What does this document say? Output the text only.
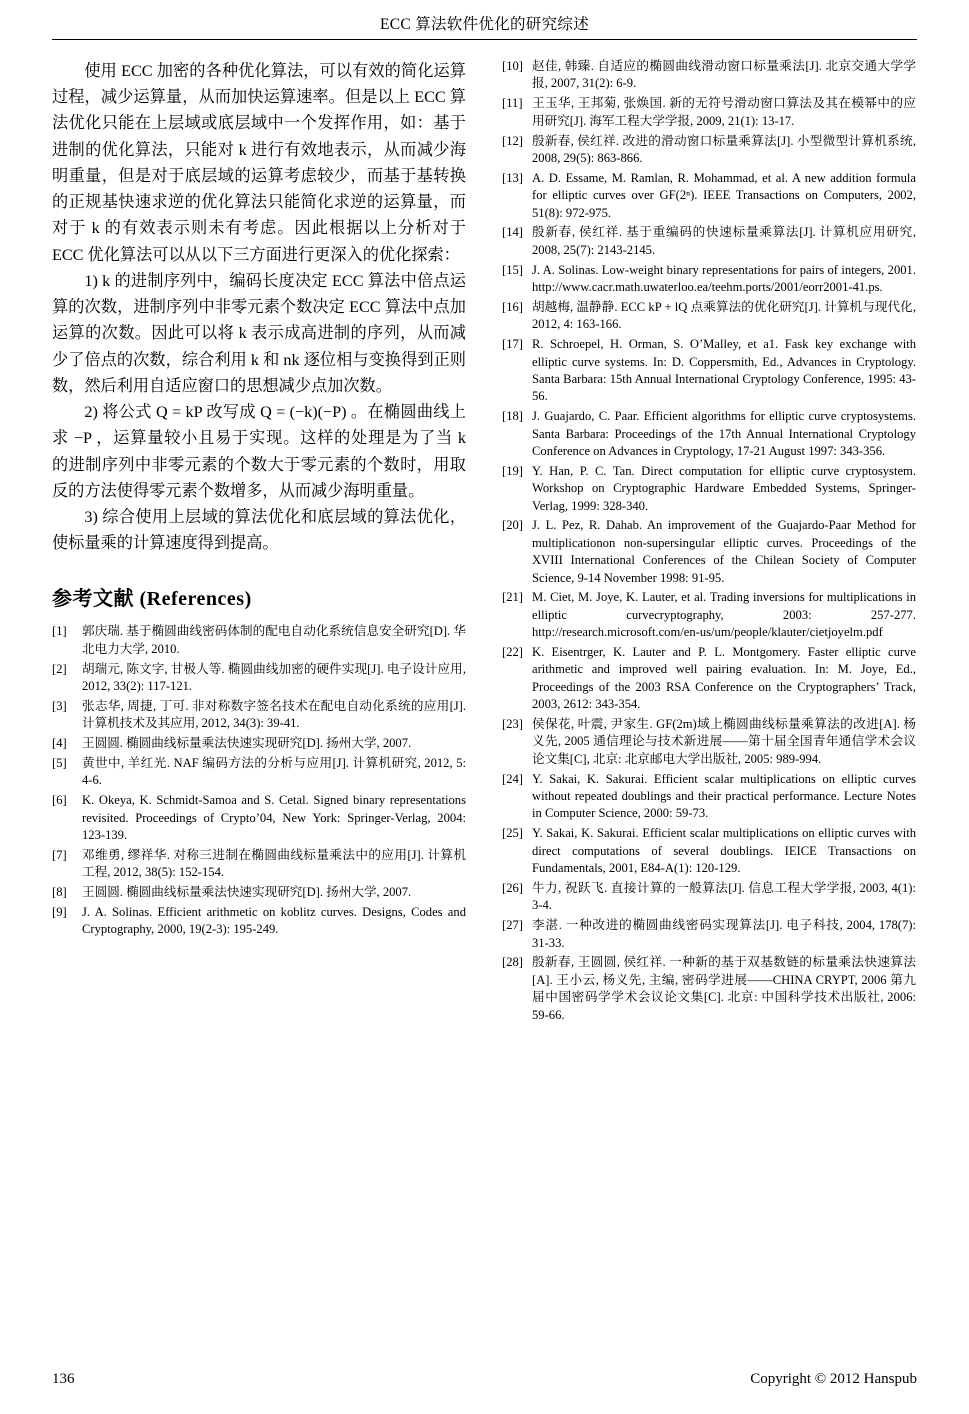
ECC 算法软件优化的研究综述

使用 ECC 加密的各种优化算法，可以有效的简化运算过程，减少运算量，从而加快运算速率。但是以上 ECC 算法优化只能在上层域或底层域中一个发挥作用，如：基于进制的优化算法，只能对 k 进行有效地表示，从而减少海明重量，但是对于底层域的运算考虑较少，而基于基转换的正规基快速求逆的优化算法只能简化求逆的运算量，而对于 k 的有效表示则未有考虑。因此根据以上分析对于 ECC 优化算法可以从以下三方面进行更深入的优化探索：

1) k 的进制序列中，编码长度决定 ECC 算法中倍点运算的次数，进制序列中非零元素个数决定 ECC 算法中点加运算的次数。因此可以将 k 表示成高进制的序列，从而减少了倍点的次数，综合利用 k 和 nk 逐位相与变换得到正则数，然后利用自适应窗口的思想减少点加次数。

2) 将公式 Q = kP 改写成 Q = (−k)(−P) 。在椭圆曲线上求 −P ，运算量较小且易于实现。这样的处理是为了当 k 的进制序列中非零元素的个数大于零元素的个数时，用取反的方法使得零元素个数增多，从而减少海明重量。

3) 综合使用上层域的算法优化和底层域的算法优化，使标量乘的计算速度得到提高。

参考文献 (References)
[1]	郭庆瑞. 基于椭圆曲线密码体制的配电自动化系统信息安全研究[D]. 华北电力大学, 2010.
[2]	胡瑞元, 陈文字, 甘极人等. 椭圆曲线加密的硬件实现[J]. 电子设计应用, 2012, 33(2): 117-121.
[3]	张志华, 周捷, 丁可. 非对称数字签名技术在配电自动化系统的应用[J]. 计算机技术及其应用, 2012, 34(3): 39-41.
[4]	王圆圆. 椭圆曲线标量乘法快速实现研究[D]. 扬州大学, 2007.
[5]	黄世中, 羊红光. NAF 编码方法的分析与应用[J]. 计算机研究, 2012, 5: 4-6.
[6]	K. Okeya, K. Schmidt-Samoa and S. Cetal. Signed binary representations revisited. Proceedings of Crypto’04, New York: Springer-Verlag, 2004: 123-139.
[7]	邓维勇, 缪祥华. 对称三进制在椭圆曲线标量乘法中的应用[J]. 计算机工程, 2012, 38(5): 152-154.
[8]	王圆圆. 椭圆曲线标量乘法快速实现研究[D]. 扬州大学, 2007.
[9]	J. A. Solinas. Efficient arithmetic on koblitz curves. Designs, Codes and Cryptography, 2000, 19(2-3): 195-249.
[10] 赵佳, 韩臻. 自适应的椭圆曲线滑动窗口标量乘法[J]. 北京交通大学学报, 2007, 31(2): 6-9.
[11] 王玉华, 王邦菊, 张焕国. 新的无符号滑动窗口算法及其在模幂中的应用研究[J]. 海军工程大学学报, 2009, 21(1): 13-17.
[12] 殷新春, 侯红祥. 改进的滑动窗口标量乘算法[J]. 小型微型计算机系统, 2008, 29(5): 863-866.
[13] A. D. Essame, M. Ramlan, R. Mohammad, et al. A new addition formula for elliptic curves over GF(2ⁿ). IEEE Transactions on Computers, 2002, 51(8): 972-975.
[14] 殷新春, 侯红祥. 基于重编码的快速标量乘算法[J]. 计算机应用研究, 2008, 25(7): 2143-2145.
[15] J. A. Solinas. Low-weight binary representations for pairs of integers, 2001. http://www.cacr.math.uwaterloo.ea/teehm.ports/2001/eorr2001-41.ps.
[16] 胡越梅, 温静静. ECC kP + lQ 点乘算法的优化研究[J]. 计算机与现代化, 2012, 4: 163-166.
[17] R. Schroepel, H. Orman, S. O’Malley, et a1. Fask key exchange with elliptic curve systems. In: D. Coppersmith, Ed., Advances in Cryptology. Santa Barbara: 15th Annual International Cryptology Conference, 1995: 43-56.
[18] J. Guajardo, C. Paar. Efficient algorithms for elliptic curve cryptosystems. Santa Barbara: Proceedings of the 17th Annual International Cryptology Conference on Advances in Cryptology, 17-21 August 1997: 343-356.
[19] Y. Han, P. C. Tan. Direct computation for elliptic curve cryptosystem. Workshop on Cryptographic Hardware Embedded Systems, Springer-Verlag, 1999: 328-340.
[20] J. L. Pez, R. Dahab. An improvement of the Guajardo-Paar Method for multiplicationon non-supersingular elliptic curves. Proceedings of the XVIII International Conferences of the Chilean Society of Computer Science, 9-14 November 1998: 91-95.
[21] M. Ciet, M. Joye, K. Lauter, et al. Trading inversions for multiplications in elliptic curvecryptography, 2003: 257-277. http://research.microsoft.com/en-us/um/people/klauter/cietjoyelm.pdf
[22] K. Eisentrger, K. Lauter and P. L. Montgomery. Faster elliptic curve arithmetic and improved well pairing evaluation. In: M. Joye, Ed., Proceedings of the 2003 RSA Conference on the Cryptographers’ Track, 2003, 2612: 343-354.
[23] 侯保花, 叶震, 尹家生. GF(2m)域上椭圆曲线标量乘算法的改进[A]. 杨义先, 2005 通信理论与技术新进展——第十届全国青年通信学术会议论文集[C], 北京: 北京邮电大学出版社, 2005: 989-994.
[24] Y. Sakai, K. Sakurai. Efficient scalar multiplications on elliptic curves without repeated doublings and their practical performance. Lecture Notes in Computer Science, 2000: 59-73.
[25] Y. Sakai, K. Sakurai. Efficient scalar multiplications on elliptic curves with direct computations of several doublings. IEICE Transactions on Fundamentals, 2001, E84-A(1): 120-129.
[26] 牛力, 祝跃飞. 直接计算的一般算法[J]. 信息工程大学学报, 2003, 4(1): 3-4.
[27] 李湛. 一种改进的椭圆曲线密码实现算法[J]. 电子科技, 2004, 178(7): 31-33.
[28] 殷新春, 王圆圆, 侯红祥. 一种新的基于双基数链的标量乘法快速算法[A]. 王小云, 杨义先, 主编, 密码学进展——CHINA CRYPT, 2006 第九届中国密码学学术会议论文集[C]. 北京: 中国科学技术出版社, 2006: 59-66.
136	Copyright © 2012 Hanspub
